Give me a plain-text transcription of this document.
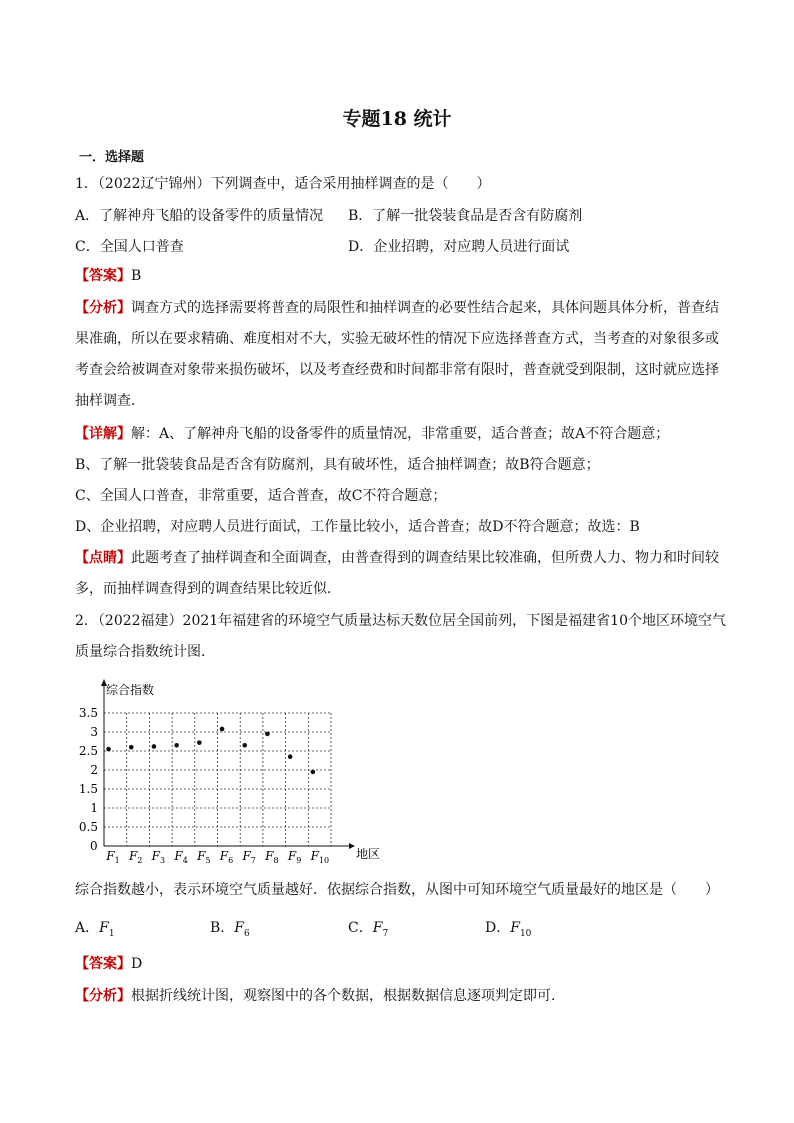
专题18 统计
一．选择题
1．（2022辽宁锦州）下列调查中，适合采用抽样调查的是（　　）
A．了解神舟飞船的设备零件的质量情况 B．了解一批袋装食品是否含有防腐剂
C．全国人口普查	D．企业招聘，对应聘人员进行面试
【答案】B
【分析】调查方式的选择需要将普查的局限性和抽样调查的必要性结合起来，具体问题具体分析，普查结
果准确，所以在要求精确、难度相对不大，实验无破坏性的情况下应选择普查方式，当考查的对象很多或
考查会给被调查对象带来损伤破坏，以及考查经费和时间都非常有限时，普查就受到限制，这时就应选择
抽样调查．
【详解】解：A、了解神舟飞船的设备零件的质量情况，非常重要，适合普查；故A不符合题意；
B、了解一批袋装食品是否含有防腐剂，具有破坏性，适合抽样调查；故B符合题意；
C、全国人口普查，非常重要，适合普查，故C不符合题意；
D、企业招聘，对应聘人员进行面试，工作量比较小，适合普查；故D不符合题意；故选：B
【点睛】此题考查了抽样调查和全面调查，由普查得到的调查结果比较准确，但所费人力、物力和时间较
多，而抽样调查得到的调查结果比较近似．
2．（2022福建）2021年福建省的环境空气质量达标天数位居全国前列，下图是福建省10个地区环境空气
质量综合指数统计图．
0.5
1
1.5
2
2.5
3
3.5
$F_1$ $F_2$ $F_3$ $F_4$ $F_5$ $F_6$ $F_7$ $F_8$ $F_9$ $F_{10}$
综合指数
地区
0
综合指数越小，表示环境空气质量越好．依据综合指数，从图中可知环境空气质量最好的地区是（　　）
A．$F_1$	B．$F_6$	C．$F_7$	D．$F_{10}$
【答案】D
【分析】根据折线统计图，观察图中的各个数据，根据数据信息逐项判定即可．
